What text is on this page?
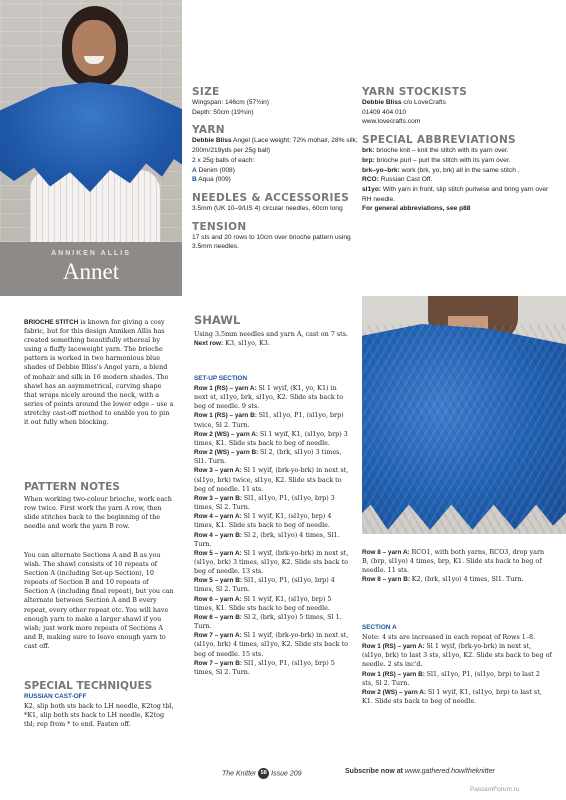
ANNIKEN ALLIS
Annet
SIZE
Wingspan: 146cm (57½in)
Depth: 50cm (19¾in)
YARN
Debbie Bliss Angel (Lace weight; 72% mohair, 28% silk; 200m/219yds per 25g ball)
2 x 25g balls of each:
A Denim (008)
B Aqua (009)
NEEDLES & ACCESSORIES
3.5mm (UK 10–9/US 4) circular needles, 60cm long
TENSION
17 sts and 20 rows to 10cm over brioche pattern using 3.5mm needles.
YARN STOCKISTS
Debbie Bliss c/o LoveCrafts
01409 404 010
www.lovecrafts.com
SPECIAL ABBREVIATIONS
brk: brioche knit – knit the stitch with its yarn over.
brp: brioche purl – purl the stitch with its yarn over.
brk–yo–brk: work (brk, yo, brk) all in the same stitch .
RCO: Russian Cast Off.
sl1yo: With yarn in front, slip stitch purlwise and bring yarn over RH needle.
For general abbreviations, see p88
BRIOCHE STITCH is known for giving a cosy fabric, but for this design Anniken Allis has created something beautifully ethereal by using a fluffy laceweight yarn. The brioche pattern is worked in two harmonious blue shades of Debbie Bliss's Angel yarn, a blend of mohair and silk in 16 modern shades. The shawl has an asymmetrical, curving shape that wraps nicely around the neck, with a series of points around the lower edge – use a stretchy cast-off method to enable you to pin it out fully when blocking.
PATTERN NOTES
When working two-colour brioche, work each row twice. First work the yarn A row, then slide stitches back to the beginning of the needle and work the yarn B row.
You can alternate Sections A and B as you wish. The shawl consists of 10 repeats of Section A (including Set-up Section), 10 repeats of Section B and 10 repeats of Section A (including final repeat), but you can alternate between Section A and B every repeat, every other repeat etc. You will have enough yarn to make a larger shawl if you wish; just work more repeats of Sections A and B, making sure to leave enough yarn to cast off.
SPECIAL TECHNIQUES
RUSSIAN CAST-OFF
K2, slip both sts back to LH needle, K2tog tbl, *K1, slip both sts back to LH needle, K2tog tbl; rep from * to end. Fasten off.
SHAWL
Using 3.5mm needles and yarn A, cast on 7 sts.
Next row: K3, sl1yo, K3.
SET-UP SECTION

Row 1 (RS) – yarn A: Sl 1 wyif, (K1, yo, K1) in next st, sl1yo, brk, sl1yo, K2. Slide sts back to beg of needle. 9 sts.

Row 1 (RS) – yarn B: Sl1, sl1yo, P1, (sl1yo, brp) twice, Sl 2. Turn.

Row 2 (WS) – yarn A: Sl 1 wyif, K1, (sl1yo, brp) 3 times, K1. Slide sts back to beg of needle.

Row 2 (WS) – yarn B: Sl 2, (brk, sl1yo) 3 times, Sl1. Turn.

Row 3 – yarn A: Sl 1 wyif, (brk-yo-brk) in next st, (sl1yo, brk) twice, sl1yo, K2. Slide sts back to beg of needle. 11 sts.

Row 3 – yarn B: Sl1, sl1yo, P1, (sl1yo, brp) 3 times, Sl 2. Turn.

Row 4 – yarn A: Sl 1 wyif, K1, (sl1yo, brp) 4 times, K1. Slide sts back to beg of needle.

Row 4 – yarn B: Sl 2, (brk, sl1yo) 4 times, Sl1. Turn.

Row 5 – yarn A: Sl 1 wyif, (brk-yo-brk) in next st, (sl1yo, brk) 3 times, sl1yo, K2. Slide sts back to beg of needle. 13 sts.

Row 5 – yarn B: Sl1, sl1yo, P1, (sl1yo, brp) 4 times, Sl 2. Turn.

Row 6 – yarn A: Sl 1 wyif, K1, (sl1yo, brp) 5 times, K1. Slide sts back to beg of needle.

Row 6 – yarn B: Sl 2, (brk, sl1yo) 5 times, Sl 1. Turn.

Row 7 – yarn A: Sl 1 wyif, (brk-yo-brk) in next st, (sl1yo, brk) 4 times, sl1yo, K2. Slide sts back to beg of needle. 15 sts.

Row 7 – yarn B: Sl1, sl1yo, P1, (sl1yo, brp) 5 times, Sl 2. Turn.

Row 8 – yarn A: RCO1, with both yarns, RCO3, drop yarn B, (brp, sl1yo) 4 times, brp, K1. Slide sts back to beg of needle. 11 sts.

Row 8 – yarn B: K2, (brk, sl1yo) 4 times, Sl1. Turn.

SECTION A

Note: 4 sts are increased in each repeat of Rows 1–8.

Row 1 (RS) – yarn A: Sl 1 wyif, (brk-yo-brk) in next st, (sl1yo, brk) to last 3 sts, sl1yo, K2. Slide sts back to beg of needle. 2 sts inc'd.

Row 1 (RS) – yarn B: Sl1, sl1yo, P1, (sl1yo, brp) to last 2 sts, Sl 2. Turn.

Row 2 (WS) – yarn A: Sl 1 wyif, K1, (sl1yo, brp) to last st, K1. Slide sts back to beg of needle.

The Knitter 58 Issue 209	Subscribe now at www.gathered.how/theknitter
PassionForum.ru
